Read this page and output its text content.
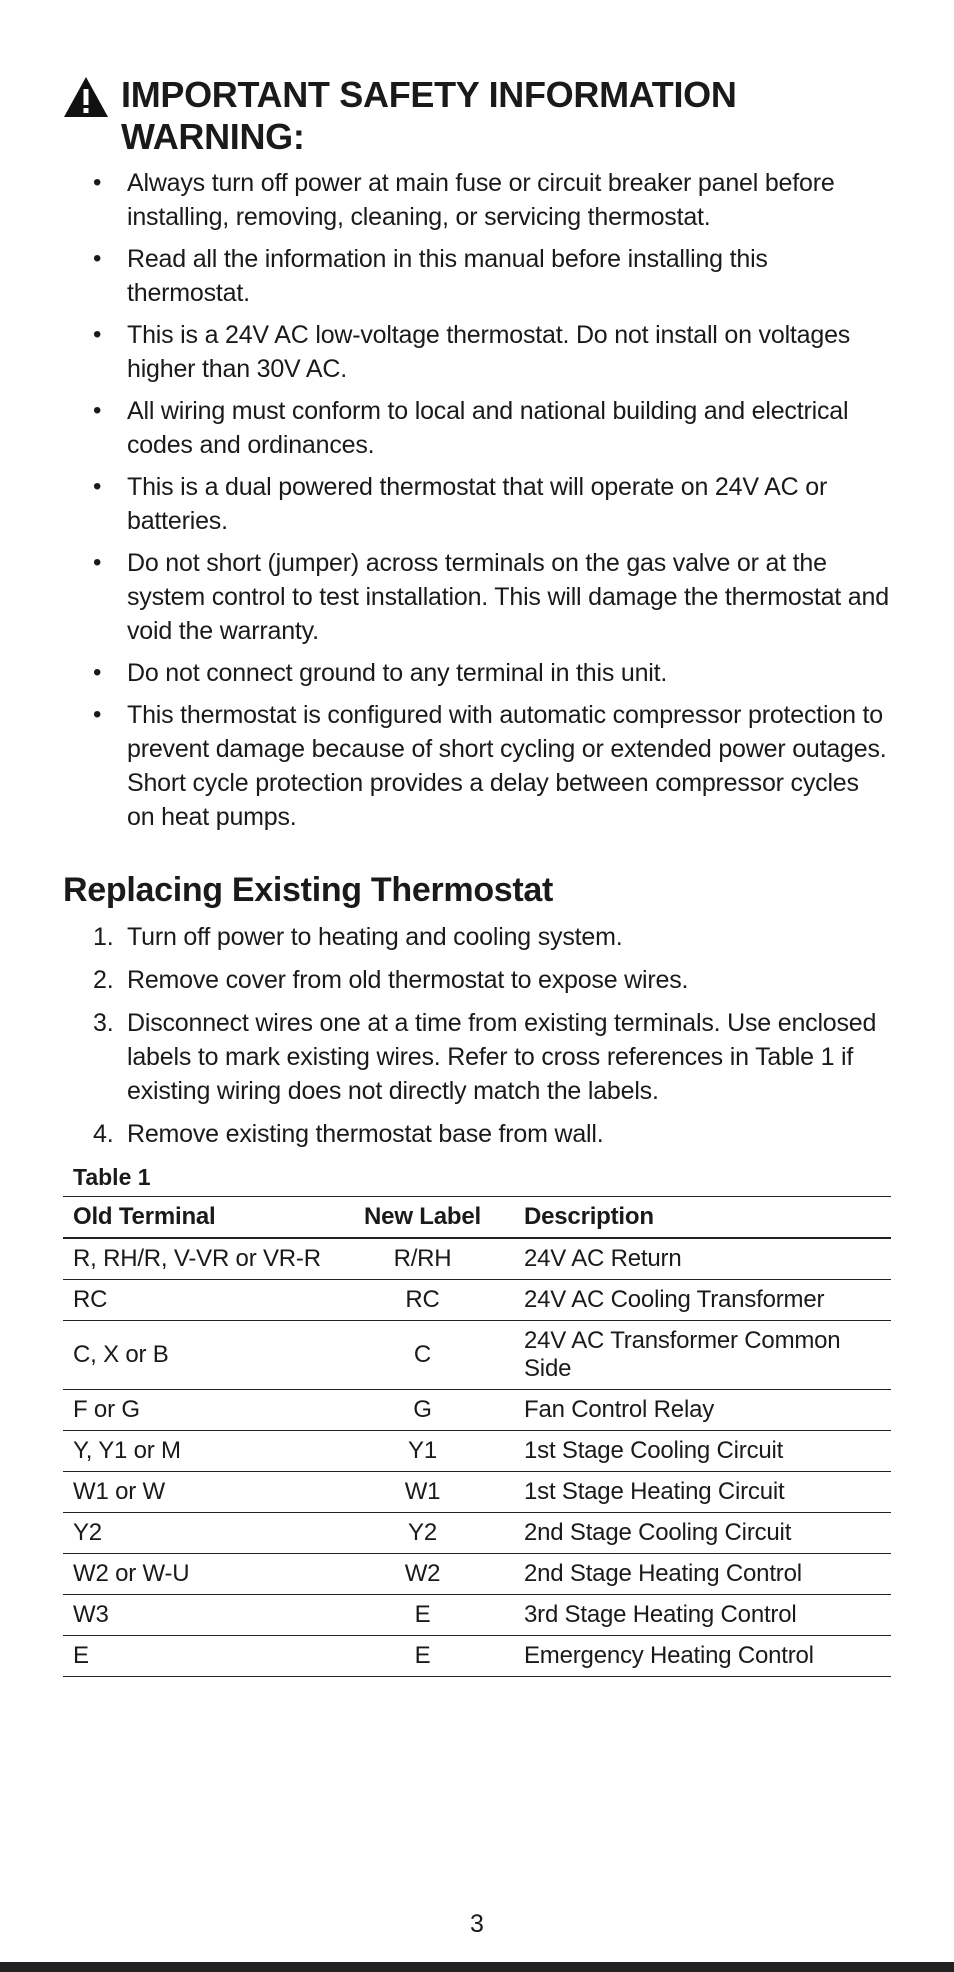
IMPORTANT SAFETY INFORMATION
WARNING:
• Always turn off power at main fuse or circuit breaker panel before installing, removing, cleaning, or servicing thermostat.
• Read all the information in this manual before installing this thermostat.
• This is a 24V AC low-voltage thermostat. Do not install on voltages higher than 30V AC.
• All wiring must conform to local and national building and electrical codes and ordinances.
• This is a dual powered thermostat that will operate on 24V AC or batteries.
• Do not short (jumper) across terminals on the gas valve or at the system control to test installation. This will damage the thermostat and void the warranty.
• Do not connect ground to any terminal in this unit.
• This thermostat is configured with automatic compressor protection to prevent damage because of short cycling or extended power outages. Short cycle protection provides a delay between compressor cycles on heat pumps.
Replacing Existing Thermostat
1. Turn off power to heating and cooling system.
2. Remove cover from old thermostat to expose wires.
3. Disconnect wires one at a time from existing terminals. Use enclosed labels to mark existing wires. Refer to cross references in Table 1 if existing wiring does not directly match the labels.
4. Remove existing thermostat base from wall.
Table 1
Old Terminal	New Label	Description
R, RH/R, V-VR or VR-R	R/RH	24V AC Return
RC	RC	24V AC Cooling Transformer
C, X or B	C	24V AC Transformer Common Side
F or G	G	Fan Control Relay
Y, Y1 or M	Y1	1st Stage Cooling Circuit
W1 or W	W1	1st Stage Heating Circuit
Y2	Y2	2nd Stage Cooling Circuit
W2 or W-U	W2	2nd Stage Heating Control
W3	E	3rd Stage Heating Control
E	E	Emergency Heating Control
3
